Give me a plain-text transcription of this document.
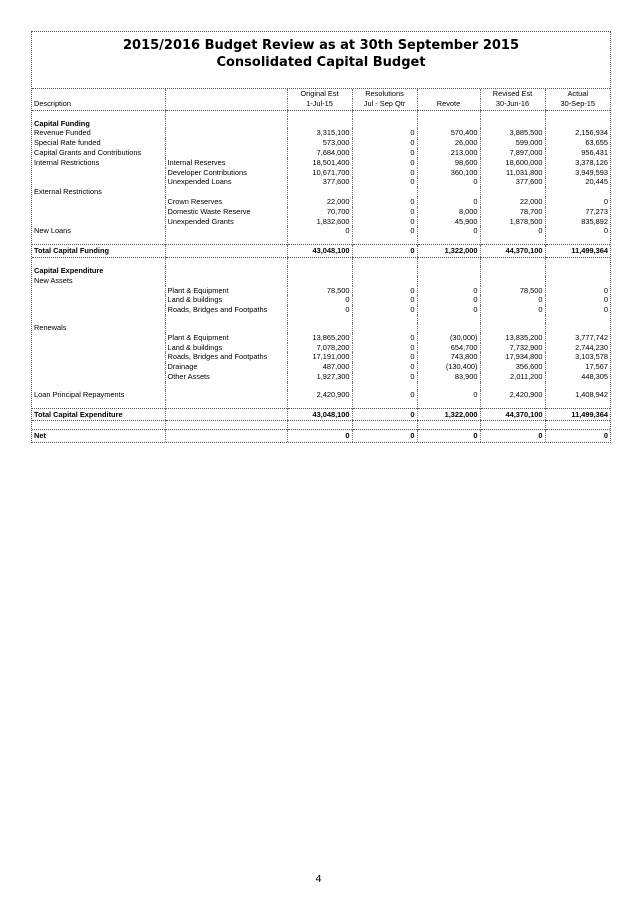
2015/2016 Budget Review as at 30th September 2015
Consolidated Capital Budget
		Original Est	Resolutions		Revised Est	Actual
Description		1-Jul-15	Jul - Sep Qtr	Revote	30-Jun-16	30-Sep-15

Capital Funding						
Revenue Funded		3,315,100	0	570,400	3,885,500	2,156,934
Special Rate funded		573,000	0	26,000	599,000	63,655
Capital Grants and Contributions		7,684,000	0	213,000	7,897,000	956,431
Internal Restrictions	Internal Reserves	18,501,400	0	98,600	18,600,000	3,378,126
	Developer Contributions	10,671,700	0	360,100	11,031,800	3,949,593
	Unexpended Loans	377,600	0	0	377,600	20,445
External Restrictions						
	Crown Reserves	22,000	0	0	22,000	0
	Domestic Waste Reserve	70,700	0	8,000	78,700	77,273
	Unexpended Grants	1,832,600	0	45,900	1,878,500	835,892
New Loans		0	0	0	0	0

Total Capital Funding		43,048,100	0	1,322,000	44,370,100	11,499,364

Capital Expenditure						
New Assets						
	Plant & Equipment	78,500	0	0	78,500	0
	Land & buildings	0	0	0	0	0
	Roads, Bridges and Footpaths	0	0	0	0	0

Renewals						
	Plant & Equipment	13,865,200	0	(30,000)	13,835,200	3,777,742
	Land & buildings	7,078,200	0	654,700	7,732,900	2,744,230
	Roads, Bridges and Footpaths	17,191,000	0	743,800	17,934,800	3,103,578
	Drainage	487,000	0	(130,400)	356,600	17,567
	Other Assets	1,927,300	0	83,900	2,011,200	448,305

Loan Principal Repayments		2,420,900	0	0	2,420,900	1,408,942

Total Capital Expenditure		43,048,100	0	1,322,000	44,370,100	11,499,364

Net		0	0	0	0	0
4
